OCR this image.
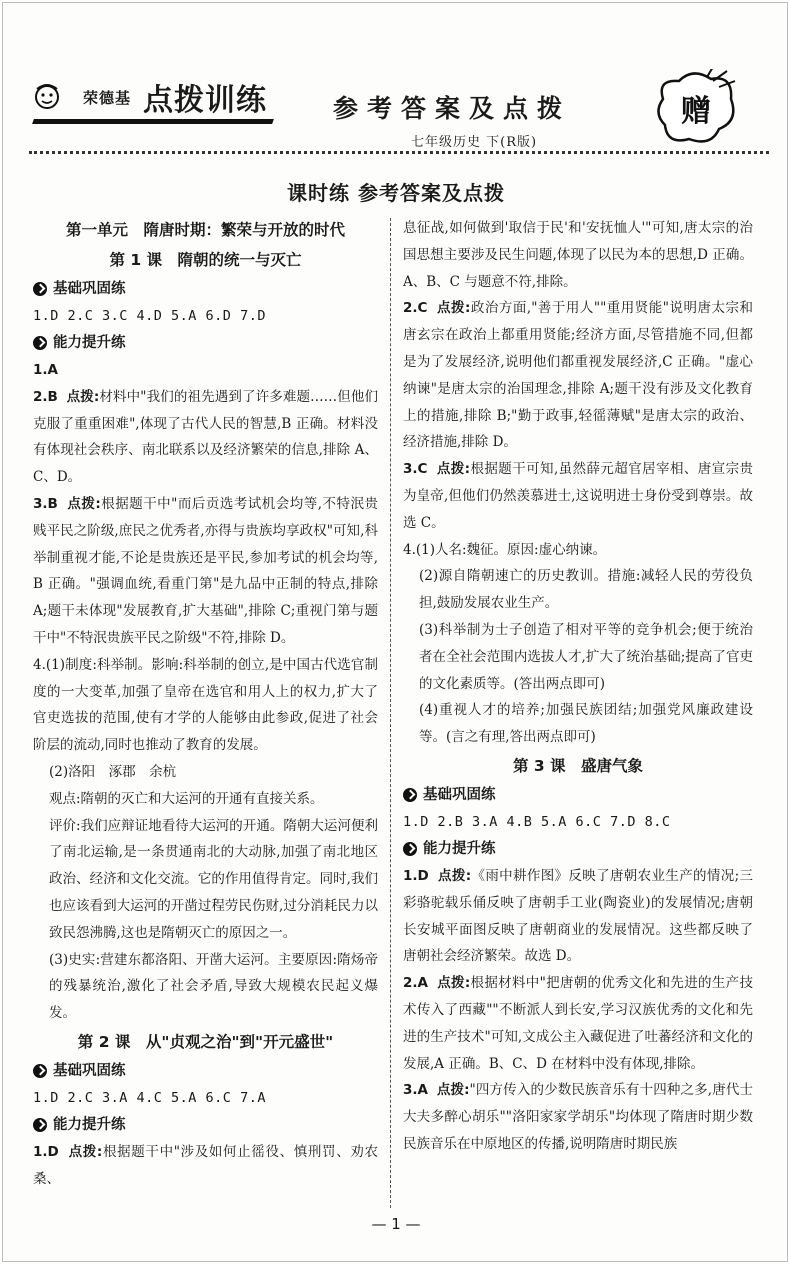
荣德基 点拨训练	参考答案及点拨
七年级历史 下(R版)
赠
课时练 参考答案及点拨
第一单元　隋唐时期：繁荣与开放的时代
第 1 课　隋朝的统一与灭亡
基础巩固练
1.D 2.C 3.C 4.D 5.A 6.D 7.D
能力提升练
1.A
2.B 点拨:材料中"我们的祖先遇到了许多难题……但他们克服了重重困难",体现了古代人民的智慧,B 正确。材料没有体现社会秩序、南北联系以及经济繁荣的信息,排除 A、C、D。
3.B 点拨:根据题干中"而后贡选考试机会均等,不特泯贵贱平民之阶级,庶民之优秀者,亦得与贵族均享政权"可知,科举制重视才能,不论是贵族还是平民,参加考试的机会均等,B 正确。"强调血统,看重门第"是九品中正制的特点,排除 A;题干未体现"发展教育,扩大基础",排除 C;重视门第与题干中"不特泯贵族平民之阶级"不符,排除 D。
4.(1)制度:科举制。影响:科举制的创立,是中国古代选官制度的一大变革,加强了皇帝在选官和用人上的权力,扩大了官吏选拔的范围,使有才学的人能够由此参政,促进了社会阶层的流动,同时也推动了教育的发展。
(2)洛阳　涿郡　余杭
观点:隋朝的灭亡和大运河的开通有直接关系。
评价:我们应辩证地看待大运河的开通。隋朝大运河便利了南北运输,是一条贯通南北的大动脉,加强了南北地区政治、经济和文化交流。它的作用值得肯定。同时,我们也应该看到大运河的开凿过程劳民伤财,过分消耗民力以致民怨沸腾,这也是隋朝灭亡的原因之一。
(3)史实:营建东都洛阳、开凿大运河。主要原因:隋炀帝的残暴统治,激化了社会矛盾,导致大规模农民起义爆发。
第 2 课　从"贞观之治"到"开元盛世"
基础巩固练
1.D 2.C 3.A 4.C 5.A 6.C 7.A
能力提升练
1.D 点拨:根据题干中"涉及如何止徭役、慎刑罚、劝农桑、
息征战,如何做到'取信于民'和'安抚恤人'"可知,唐太宗的治国思想主要涉及民生问题,体现了以民为本的思想,D 正确。A、B、C 与题意不符,排除。
2.C 点拨:政治方面,"善于用人""重用贤能"说明唐太宗和唐玄宗在政治上都重用贤能;经济方面,尽管措施不同,但都是为了发展经济,说明他们都重视发展经济,C 正确。"虚心纳谏"是唐太宗的治国理念,排除 A;题干没有涉及文化教育上的措施,排除 B;"勤于政事,轻徭薄赋"是唐太宗的政治、经济措施,排除 D。
3.C 点拨:根据题干可知,虽然薛元超官居宰相、唐宣宗贵为皇帝,但他们仍然羡慕进士,这说明进士身份受到尊崇。故选 C。
4.(1)人名:魏征。原因:虚心纳谏。
(2)源自隋朝速亡的历史教训。措施:减轻人民的劳役负担,鼓励发展农业生产。
(3)科举制为士子创造了相对平等的竞争机会;便于统治者在全社会范围内选拔人才,扩大了统治基础;提高了官吏的文化素质等。(答出两点即可)
(4)重视人才的培养;加强民族团结;加强党风廉政建设等。(言之有理,答出两点即可)
第 3 课　盛唐气象
基础巩固练
1.D 2.B 3.A 4.B 5.A 6.C 7.D 8.C
能力提升练
1.D 点拨:《雨中耕作图》反映了唐朝农业生产的情况;三彩骆驼载乐俑反映了唐朝手工业(陶瓷业)的发展情况;唐朝长安城平面图反映了唐朝商业的发展情况。这些都反映了唐朝社会经济繁荣。故选 D。
2.A 点拨:根据材料中"把唐朝的优秀文化和先进的生产技术传入了西藏""不断派人到长安,学习汉族优秀的文化和先进的生产技术"可知,文成公主入藏促进了吐蕃经济和文化的发展,A 正确。B、C、D 在材料中没有体现,排除。
3.A 点拨:"四方传入的少数民族音乐有十四种之多,唐代士大夫多醉心胡乐""洛阳家家学胡乐"均体现了隋唐时期少数民族音乐在中原地区的传播,说明隋唐时期民族
— 1 —
